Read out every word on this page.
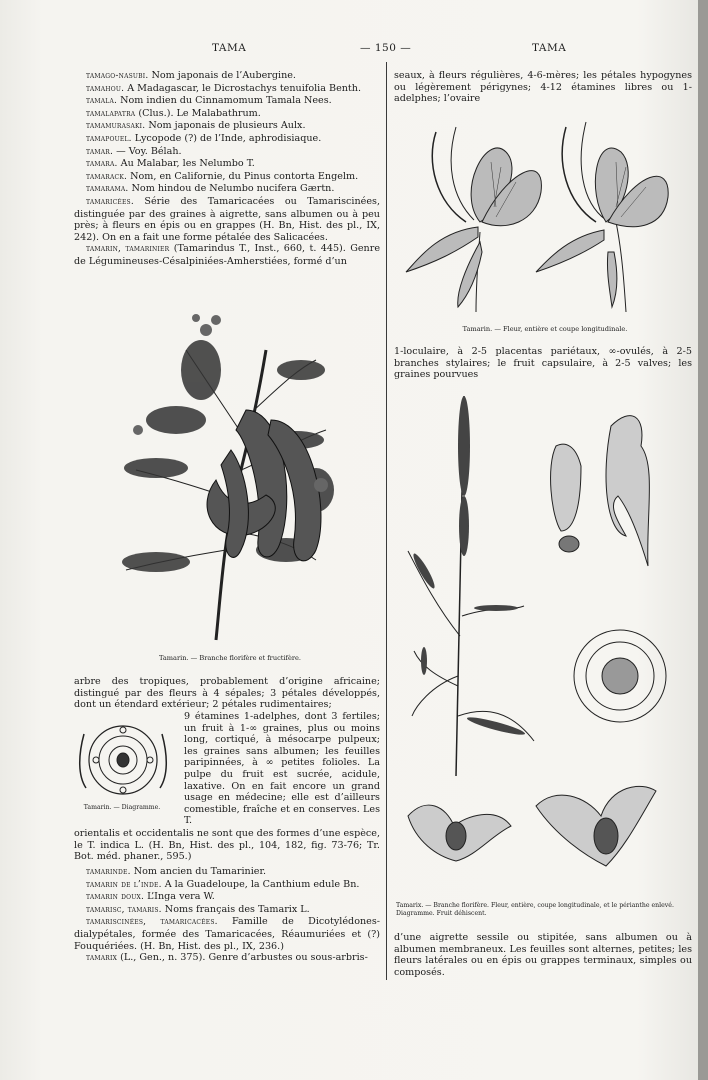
TAMA	— 150 —	TAMA

tamago-nasubi. Nom japonais de l’Aubergine.

tamahou. A Madagascar, le Dicrostachys tenuifolia Benth.

tamala. Nom indien du Cinnamomum Tamala Nees.

tamalapatra (Clus.). Le Malabathrum.

tamamurasaki. Nom japonais de plusieurs Aulx.

tamapouel. Lycopode (?) de l’Inde, aphrodisiaque.

tamar. — Voy. Bélah.

tamara. Au Malabar, les Nelumbo T.

tamarack. Nom, en Californie, du Pinus contorta Engelm.

tamarama. Nom hindou de Nelumbo nucifera Gærtn.

tamaricées. Série des Tamaricacées ou Tamariscinées, distinguée par des graines à aigrette, sans albumen ou à peu près; à fleurs en épis ou en grappes (H. Bn, Hist. des pl., IX, 242). On en a fait une forme pétalée des Salicacées.

tamarin, tamarinier (Tamarindus T., Inst., 660, t. 445). Genre de Légumineuses-Césalpiniées-Amherstiées, formé d’un

Tamarin. — Branche florifère et fructifère.

arbre des tropiques, probablement d’origine africaine; distingué par des fleurs à 4 sépales; 3 pétales développés, dont un étendard extérieur; 2 pétales rudimentaires;

Tamarin. — Diagramme.
9 étamines 1-adelphes, dont 3 fertiles; un fruit à 1-∞ graines, plus ou moins long, cortiqué, à mésocarpe pulpeux; les graines sans albumen; les feuilles paripinnées, à ∞ petites folioles. La pulpe du fruit est sucrée, acidule, laxative. On en fait encore un grand usage en médecine; elle est d’ailleurs comestible, fraîche et en conserves. Les T.

orientalis et occidentalis ne sont que des formes d’une espèce, le T. indica L. (H. Bn, Hist. des pl., 104, 182, fig. 73-76; Tr. Bot. méd. phaner., 595.)

tamarinde. Nom ancien du Tamarinier.

tamarin de l’inde. A la Guadeloupe, la Canthium edule Bn.

tamarin doux. L’Inga vera W.

tamarisc, tamaris. Noms français des Tamarix L.

tamariscinées, tamaricacées. Famille de Dicotylédones-dialypétales, formée des Tamaricacées, Réaumuriées et (?) Fouquériées. (H. Bn, Hist. des pl., IX, 236.)

tamarix (L., Gen., n. 375). Genre d’arbustes ou sous-arbris-

seaux, à fleurs régulières, 4-6-mères; les pétales hypogynes ou légèrement périgynes; 4-12 étamines libres ou 1-adelphes; l’ovaire

Tamarin. — Fleur, entière et coupe longitudinale.

1-loculaire, à 2-5 placentas pariétaux, ∞-ovulés, à 2-5 branches stylaires; le fruit capsulaire, à 2-5 valves; les graines pourvues

Tamarix. — Branche florifère. Fleur, entière, coupe longitudinale, et le périanthe enlevé. Diagramme. Fruit déhiscent.

d’une aigrette sessile ou stipitée, sans albumen ou à albumen membraneux. Les feuilles sont alternes, petites; les fleurs latérales ou en épis ou grappes terminaux, simples ou composés.
